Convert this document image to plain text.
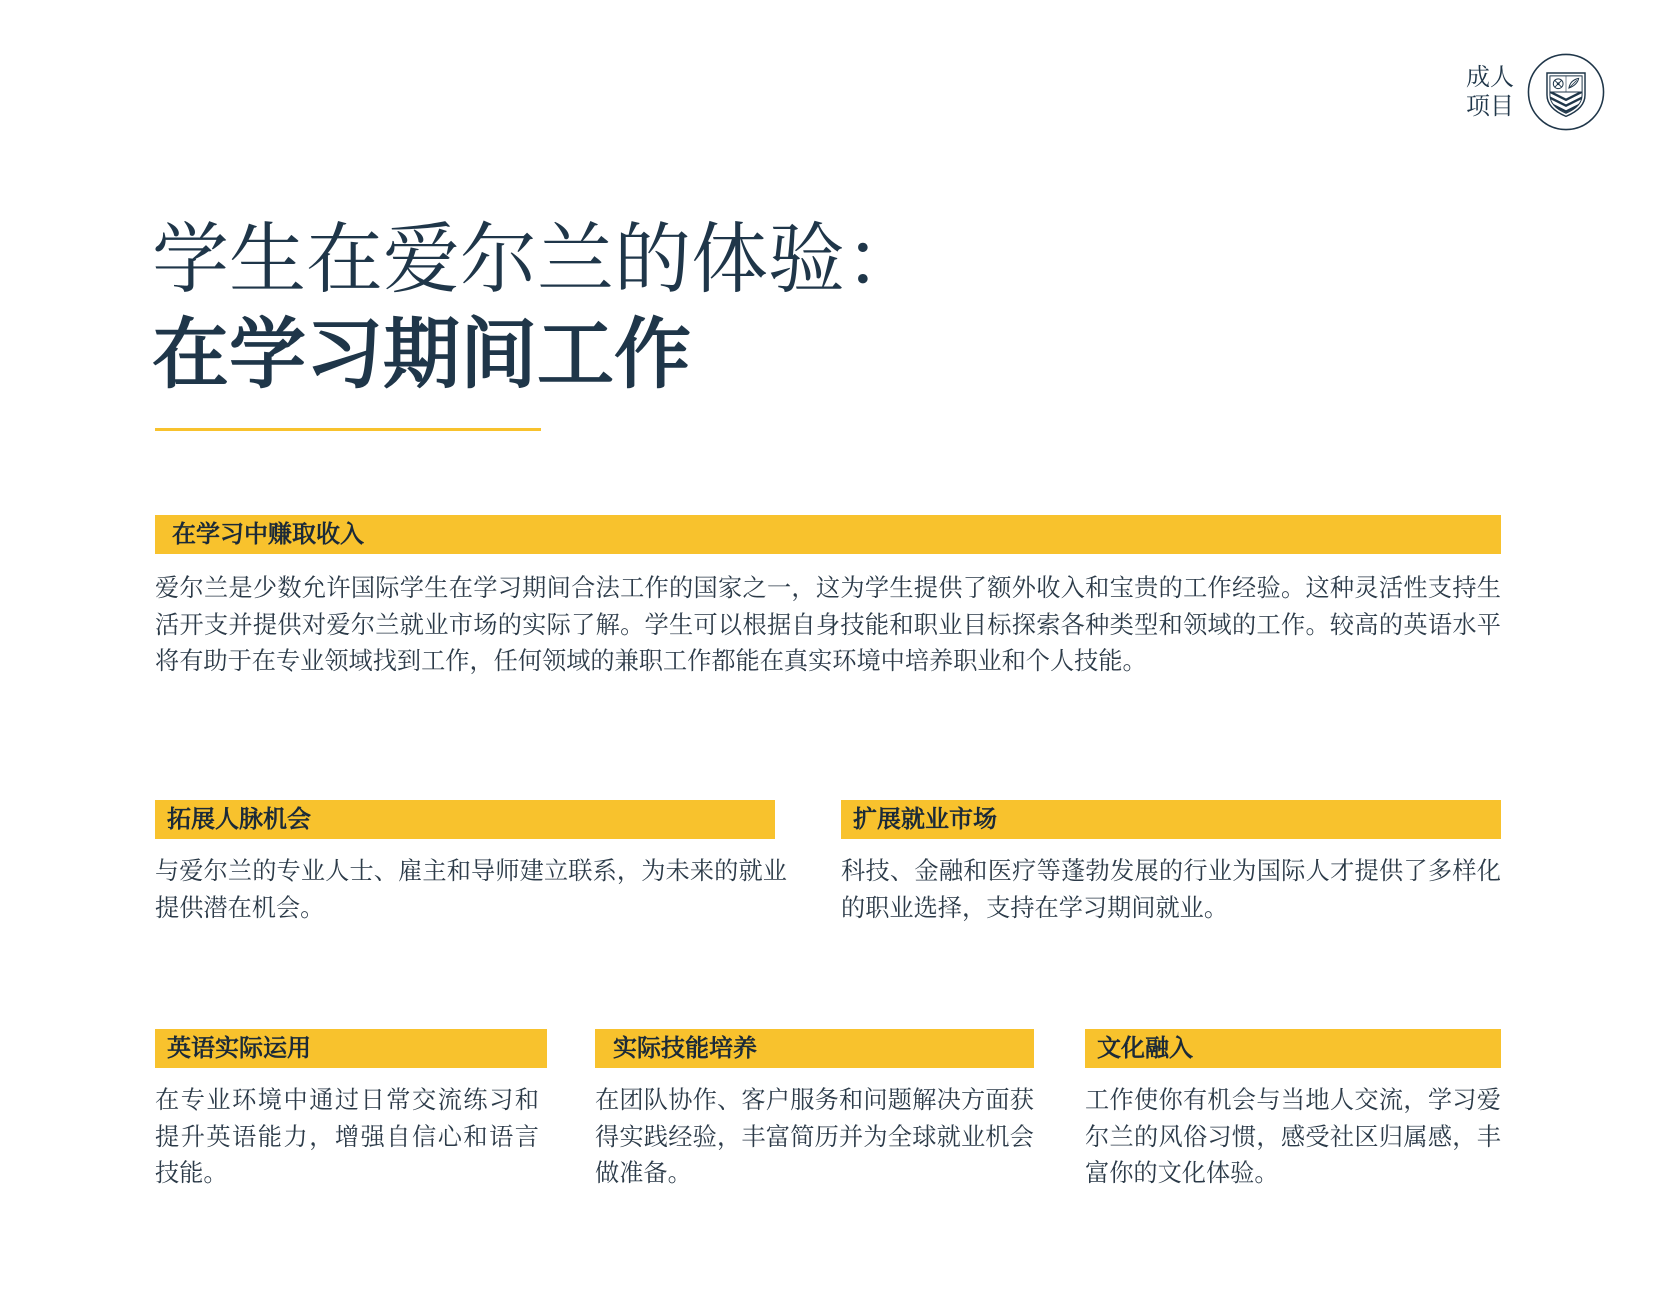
成人
项目
学生在爱尔兰的体验：
在学习期间工作
在学习中赚取收入

爱尔兰是少数允许国际学生在学习期间合法工作的国家之一，这为学生提供了额外收入和宝贵的工作经验。这种灵活性支持生活开支并提供对爱尔兰就业市场的实际了解。学生可以根据自身技能和职业目标探索各种类型和领域的工作。较高的英语水平将有助于在专业领域找到工作，任何领域的兼职工作都能在真实环境中培养职业和个人技能。

拓展人脉机会

与爱尔兰的专业人士、雇主和导师建立联系，为未来的就业提供潜在机会。

扩展就业市场

科技、金融和医疗等蓬勃发展的行业为国际人才提供了多样化的职业选择，支持在学习期间就业。

英语实际运用

在专业环境中通过日常交流练习和提升英语能力，增强自信心和语言技能。

实际技能培养

在团队协作、客户服务和问题解决方面获得实践经验，丰富简历并为全球就业机会做准备。

文化融入

工作使你有机会与当地人交流，学习爱尔兰的风俗习惯，感受社区归属感，丰富你的文化体验。
